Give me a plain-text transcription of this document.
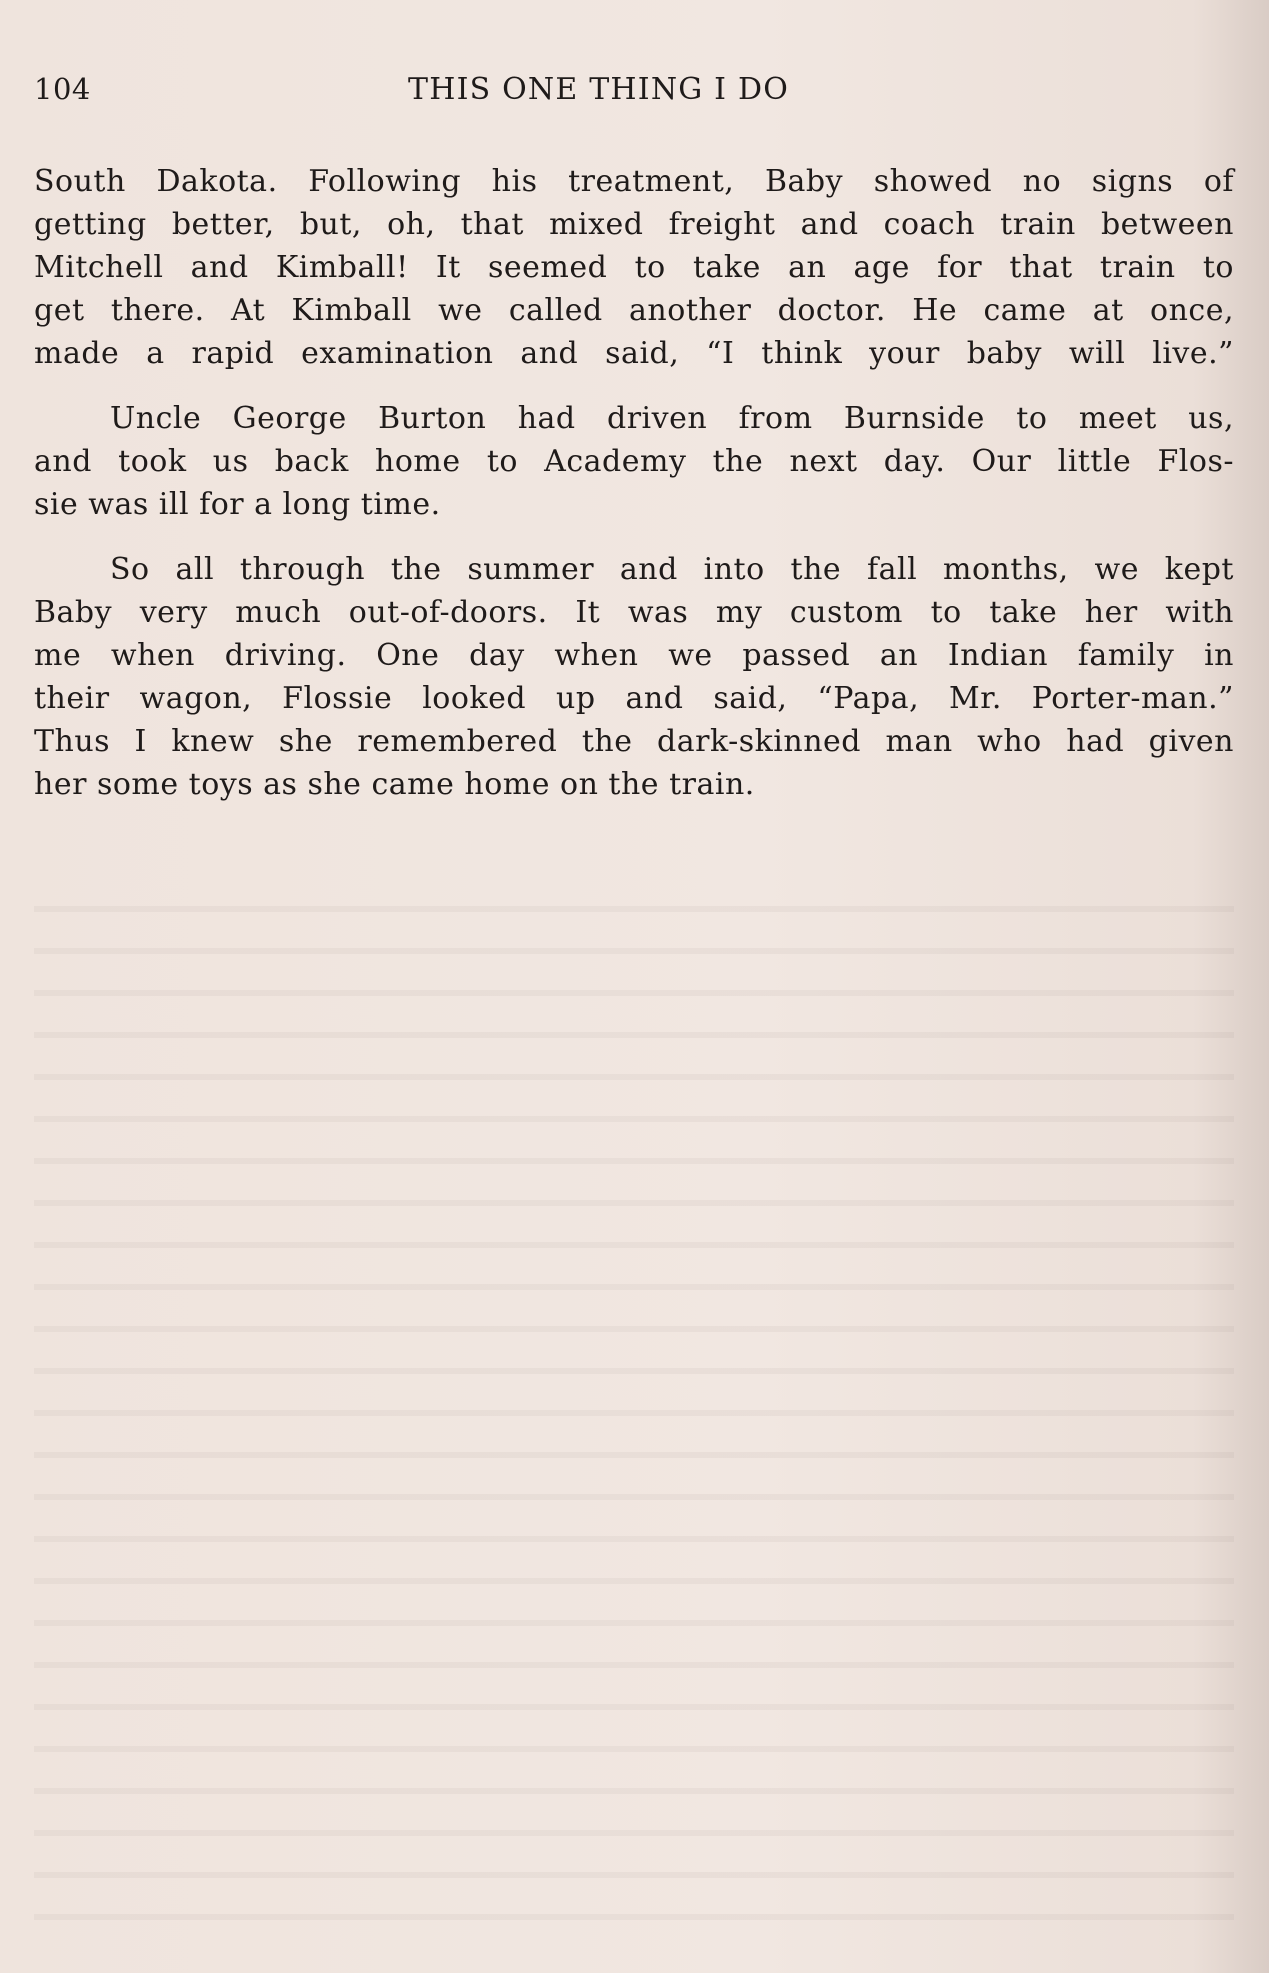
104	THIS ONE THING I DO

South Dakota. Following his treatment, Baby showed no signs of
getting better, but, oh, that mixed freight and coach train between
Mitchell and Kimball! It seemed to take an age for that train to
get there. At Kimball we called another doctor. He came at once,
made a rapid examination and said, “I think your baby will live.”

Uncle George Burton had driven from Burnside to meet us,
and took us back home to Academy the next day. Our little Flos-
sie was ill for a long time.

So all through the summer and into the fall months, we kept
Baby very much out-of-doors. It was my custom to take her with
me when driving. One day when we passed an Indian family in
their wagon, Flossie looked up and said, “Papa, Mr. Porter-man.”
Thus I knew she remembered the dark-skinned man who had given
her some toys as she came home on the train.
